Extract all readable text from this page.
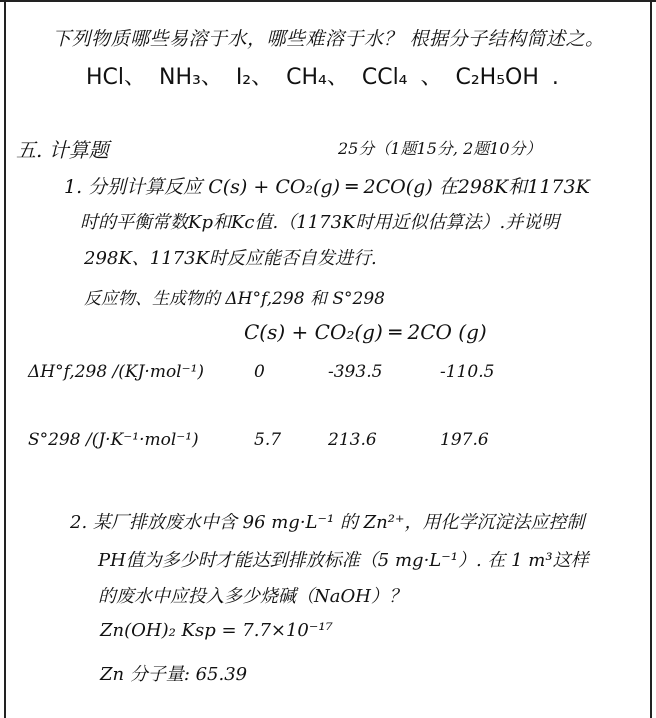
下列物质哪些易溶于水，哪些难溶于水？ 根据分子结构简述之。
HCl、 NH₃、 I₂、 CH₄、 CCl₄ 、 C₂H₅OH .
五. 计算题	25分（1题15分, 2题10分）
1. 分别计算反应 C(s) + CO₂(g) ═ 2CO(g) 在298K和1173K
时的平衡常数Kp和Kc值.（1173K时用近似估算法）.并说明
298K、1173K时反应能否自发进行.
反应物、生成物的 ΔH°f,298 和 S°298
C(s) + CO₂(g) ═ 2CO (g)
ΔH°f,298 /(KJ·mol⁻¹)	0	-393.5	-110.5
S°298 /(J·K⁻¹·mol⁻¹)	5.7	213.6	197.6
2. 某厂排放废水中含 96 mg·L⁻¹ 的 Zn²⁺，用化学沉淀法应控制
PH值为多少时才能达到排放标准（5 mg·L⁻¹）. 在 1 m³这样
的废水中应投入多少烧碱（NaOH）？
Zn(OH)₂ Ksp = 7.7×10⁻¹⁷
Zn 分子量: 65.39
